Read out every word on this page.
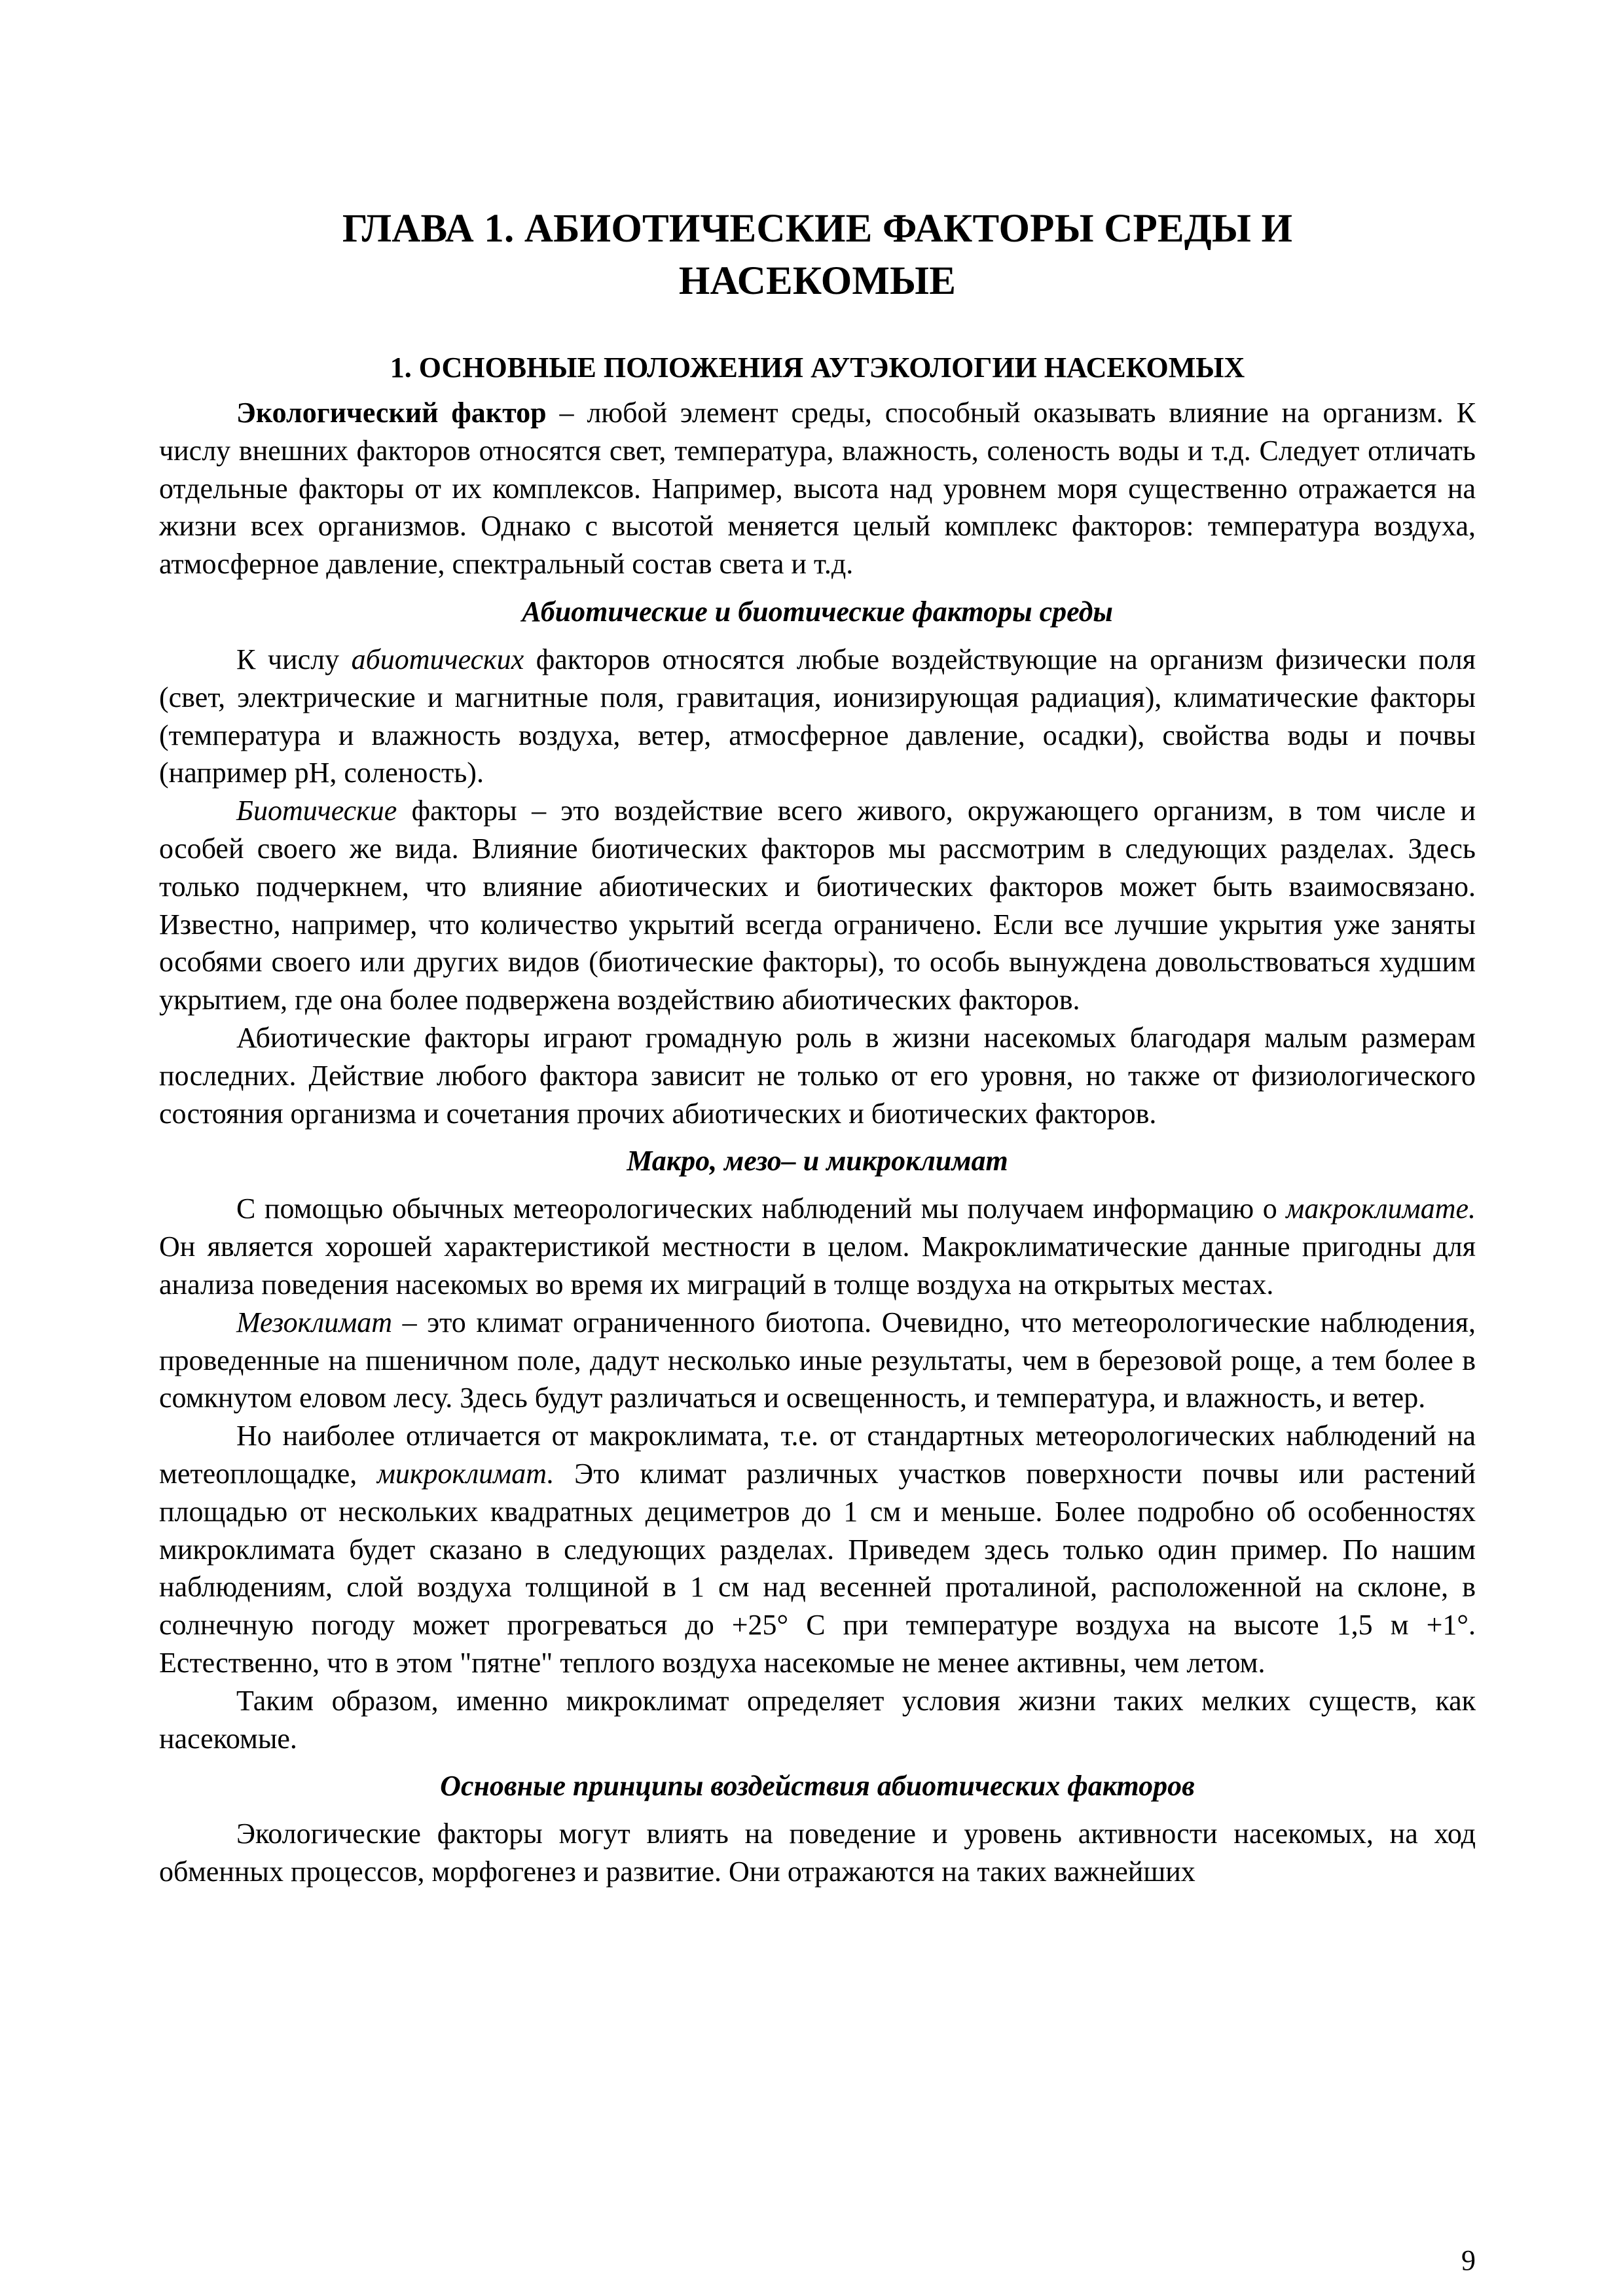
ГЛАВА 1. АБИОТИЧЕСКИЕ ФАКТОРЫ СРЕДЫ И
НАСЕКОМЫЕ
1. ОСНОВНЫЕ ПОЛОЖЕНИЯ АУТЭКОЛОГИИ НАСЕКОМЫХ

Экологический фактор – любой элемент среды, способный оказывать влияние на организм. К числу внешних факторов относятся свет, температура, влажность, соленость воды и т.д. Следует отличать отдельные факторы от их комплексов. Например, высота над уровнем моря существенно отражается на жизни всех организмов. Однако с высотой меняется целый комплекс факторов: температура воздуха, атмосферное давление, спектральный состав света и т.д.

Абиотические и биотические факторы среды

К числу абиотических факторов относятся любые воздействующие на организм физически поля (свет, электрические и магнитные поля, гравитация, ионизирующая радиация), климатические факторы (температура и влажность воздуха, ветер, атмосферное давление, осадки), свойства воды и почвы (например рН, соленость).

Биотические факторы – это воздействие всего живого, окружающего организм, в том числе и особей своего же вида. Влияние биотических факторов мы рассмотрим в следующих разделах. Здесь только подчеркнем, что влияние абиотических и биотических факторов может быть взаимосвязано. Известно, например, что количество укрытий всегда ограничено. Если все лучшие укрытия уже заняты особями своего или других видов (биотические факторы), то особь вынуждена довольствоваться худшим укрытием, где она более подвержена воздействию абиотических факторов.

Абиотические факторы играют громадную роль в жизни насекомых благодаря малым размерам последних. Действие любого фактора зависит не только от его уровня, но также от физиологического состояния организма и сочетания прочих абиотических и биотических факторов.

Макро, мезо– и микроклимат

С помощью обычных метеорологических наблюдений мы получаем информацию о макроклимате. Он является хорошей характеристикой местности в целом. Макроклиматические данные пригодны для анализа поведения насекомых во время их миграций в толще воздуха на открытых местах.

Мезоклимат – это климат ограниченного биотопа. Очевидно, что метеорологические наблюдения, проведенные на пшеничном поле, дадут несколько иные результаты, чем в березовой роще, а тем более в сомкнутом еловом лесу. Здесь будут различаться и освещенность, и температура, и влажность, и ветер.

Но наиболее отличается от макроклимата, т.е. от стандартных метеорологических наблюдений на метеоплощадке, микроклимат. Это климат различных участков поверхности почвы или растений площадью от нескольких квадратных дециметров до 1 см и меньше. Более подробно об особенностях микроклимата будет сказано в следующих разделах. Приведем здесь только один пример. По нашим наблюдениям, слой воздуха толщиной в 1 см над весенней проталиной, расположенной на склоне, в солнечную погоду может прогреваться до +25° С при температуре воздуха на высоте 1,5 м +1°. Естественно, что в этом "пятне" теплого воздуха насекомые не менее активны, чем летом.

Таким образом, именно микроклимат определяет условия жизни таких мелких существ, как насекомые.

Основные принципы воздействия абиотических факторов

Экологические факторы могут влиять на поведение и уровень активности насекомых, на ход обменных процессов, морфогенез и развитие. Они отражаются на таких важнейших

9
